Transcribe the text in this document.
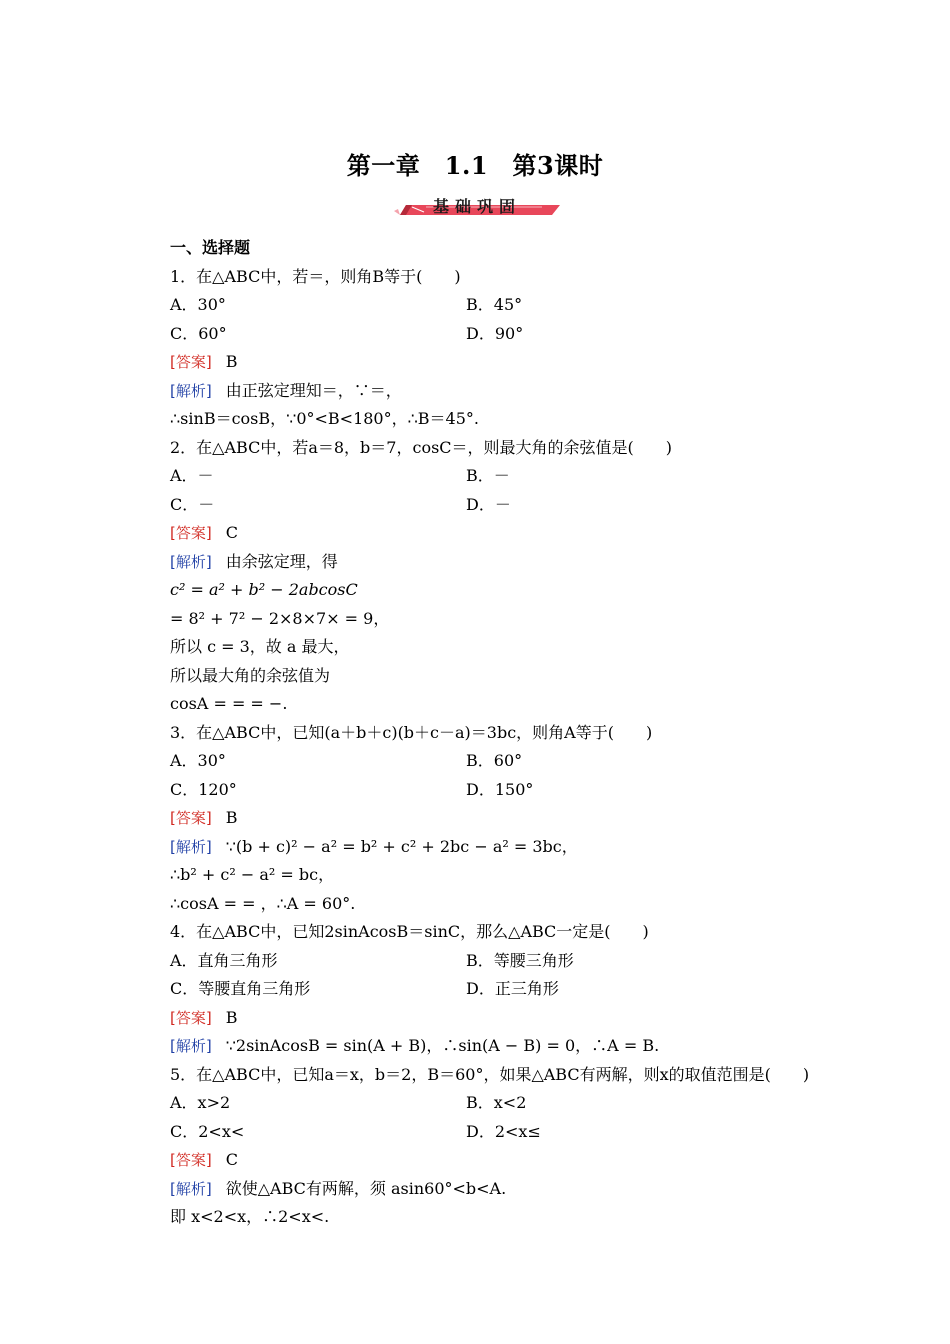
第一章　1.1　第3课时
基础巩固
一、选择题
1．在△ABC中，若＝，则角B等于(　　)
A．30°	B．45°
C．60°	D．90°
[答案] B
[解析] 由正弦定理知＝，∵＝，
∴sinB＝cosB，∵0°<B<180°，∴B＝45°.
2．在△ABC中，若a＝8，b＝7，cosC＝，则最大角的余弦值是(　　)
A．－	B．－
C．－	D．－
[答案] C
[解析] 由余弦定理，得
c² = a² + b² − 2abcosC
= 8² + 7² − 2×8×7× = 9，
所以 c = 3，故 a 最大，
所以最大角的余弦值为
cosA = = = −.
3．在△ABC中，已知(a＋b＋c)(b＋c－a)＝3bc，则角A等于(　　)
A．30°	B．60°
C．120°	D．150°
[答案] B
[解析] ∵(b + c)² − a² = b² + c² + 2bc − a² = 3bc，
∴b² + c² − a² = bc，
∴cosA = = ，∴A = 60°.
4．在△ABC中，已知2sinAcosB＝sinC，那么△ABC一定是(　　)
A．直角三角形	B．等腰三角形
C．等腰直角三角形	D．正三角形
[答案] B
[解析] ∵2sinAcosB = sin(A + B)，∴sin(A − B) = 0，∴A = B.
5．在△ABC中，已知a＝x，b＝2，B＝60°，如果△ABC有两解，则x的取值范围是(　　)
A．x>2	B．x<2
C．2<x<	D．2<x≤
[答案] C
[解析] 欲使△ABC有两解，须 asin60°<b<A.
即 x<2<x，∴2<x<.
